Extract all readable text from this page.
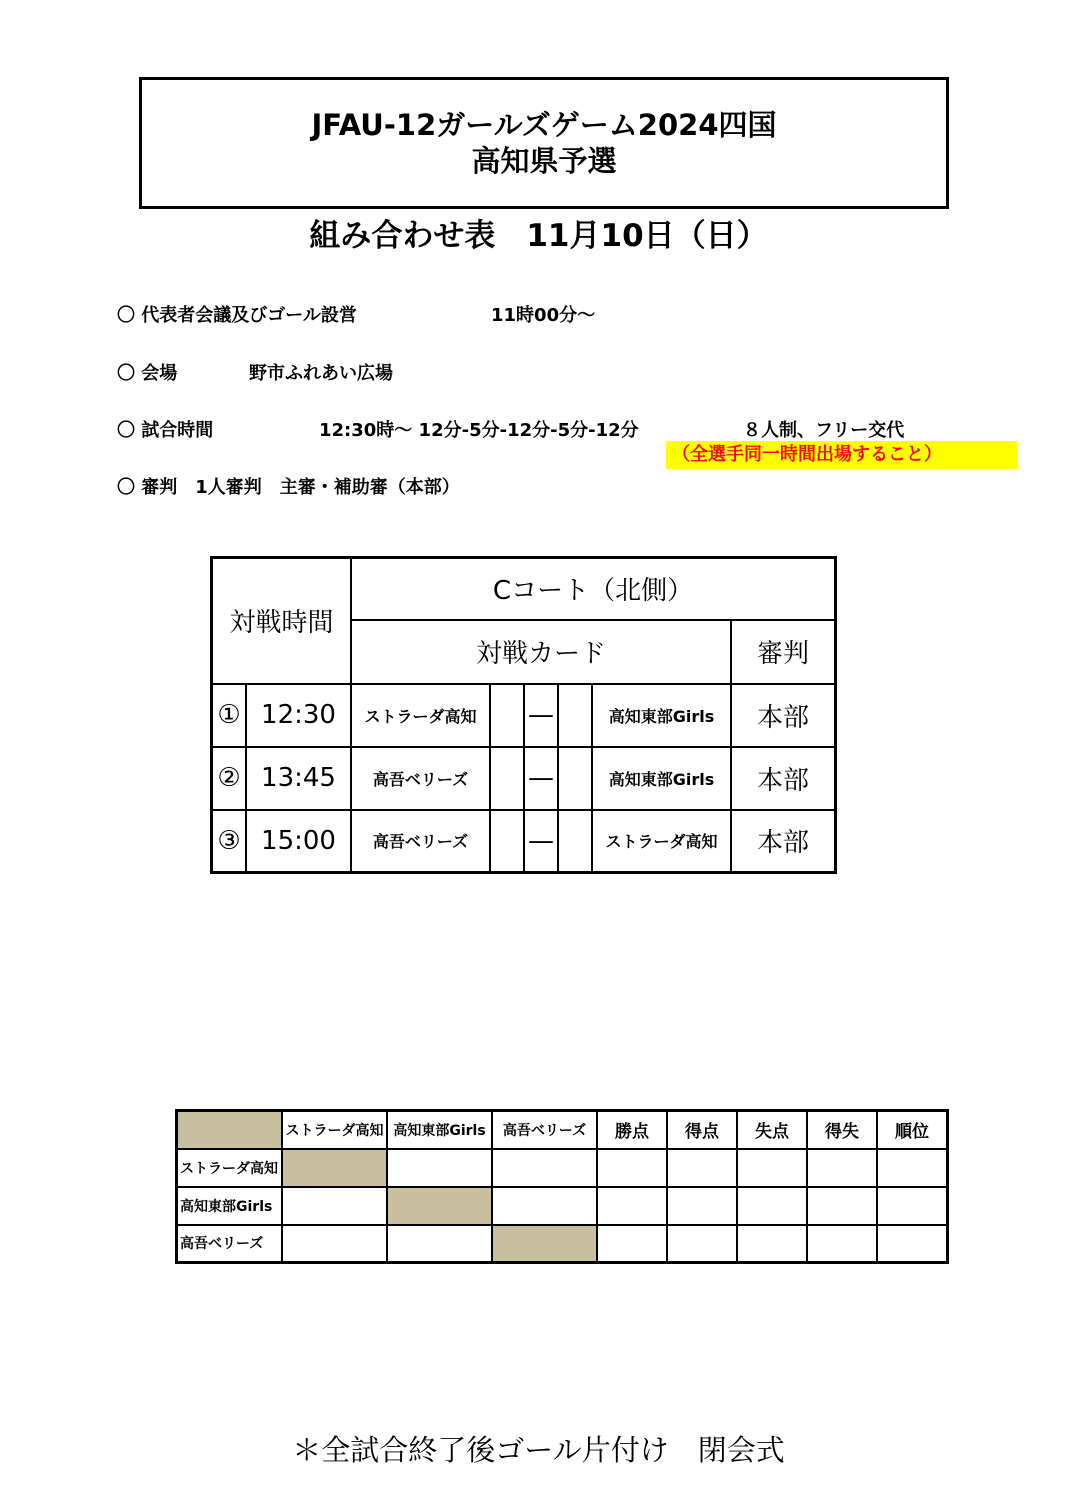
JFAU-12ガールズゲーム2024四国
高知県予選
組み合わせ表　11月10日（日）
〇 代表者会議及びゴール設営	11時00分～
〇 会場	野市ふれあい広場
〇 試合時間	12:30時～ 12分-5分-12分-5分-12分	８人制、フリー交代
（全選手同一時間出場すること）
〇 審判　1人審判　主審・補助審（本部）
対戦時間		Cコート（北側）					
		対戦カード					審判
①	12:30	ストラーダ高知		—		高知東部Girls	本部
②	13:45	高吾ベリーズ		—		高知東部Girls	本部
③	15:00	高吾ベリーズ		—		ストラーダ高知	本部
	ストラーダ高知	高知東部Girls	高吾ベリーズ	勝点	得点	失点	得失	順位
ストラーダ高知								
高知東部Girls								
高吾ベリーズ								
＊全試合終了後ゴール片付け　閉会式
